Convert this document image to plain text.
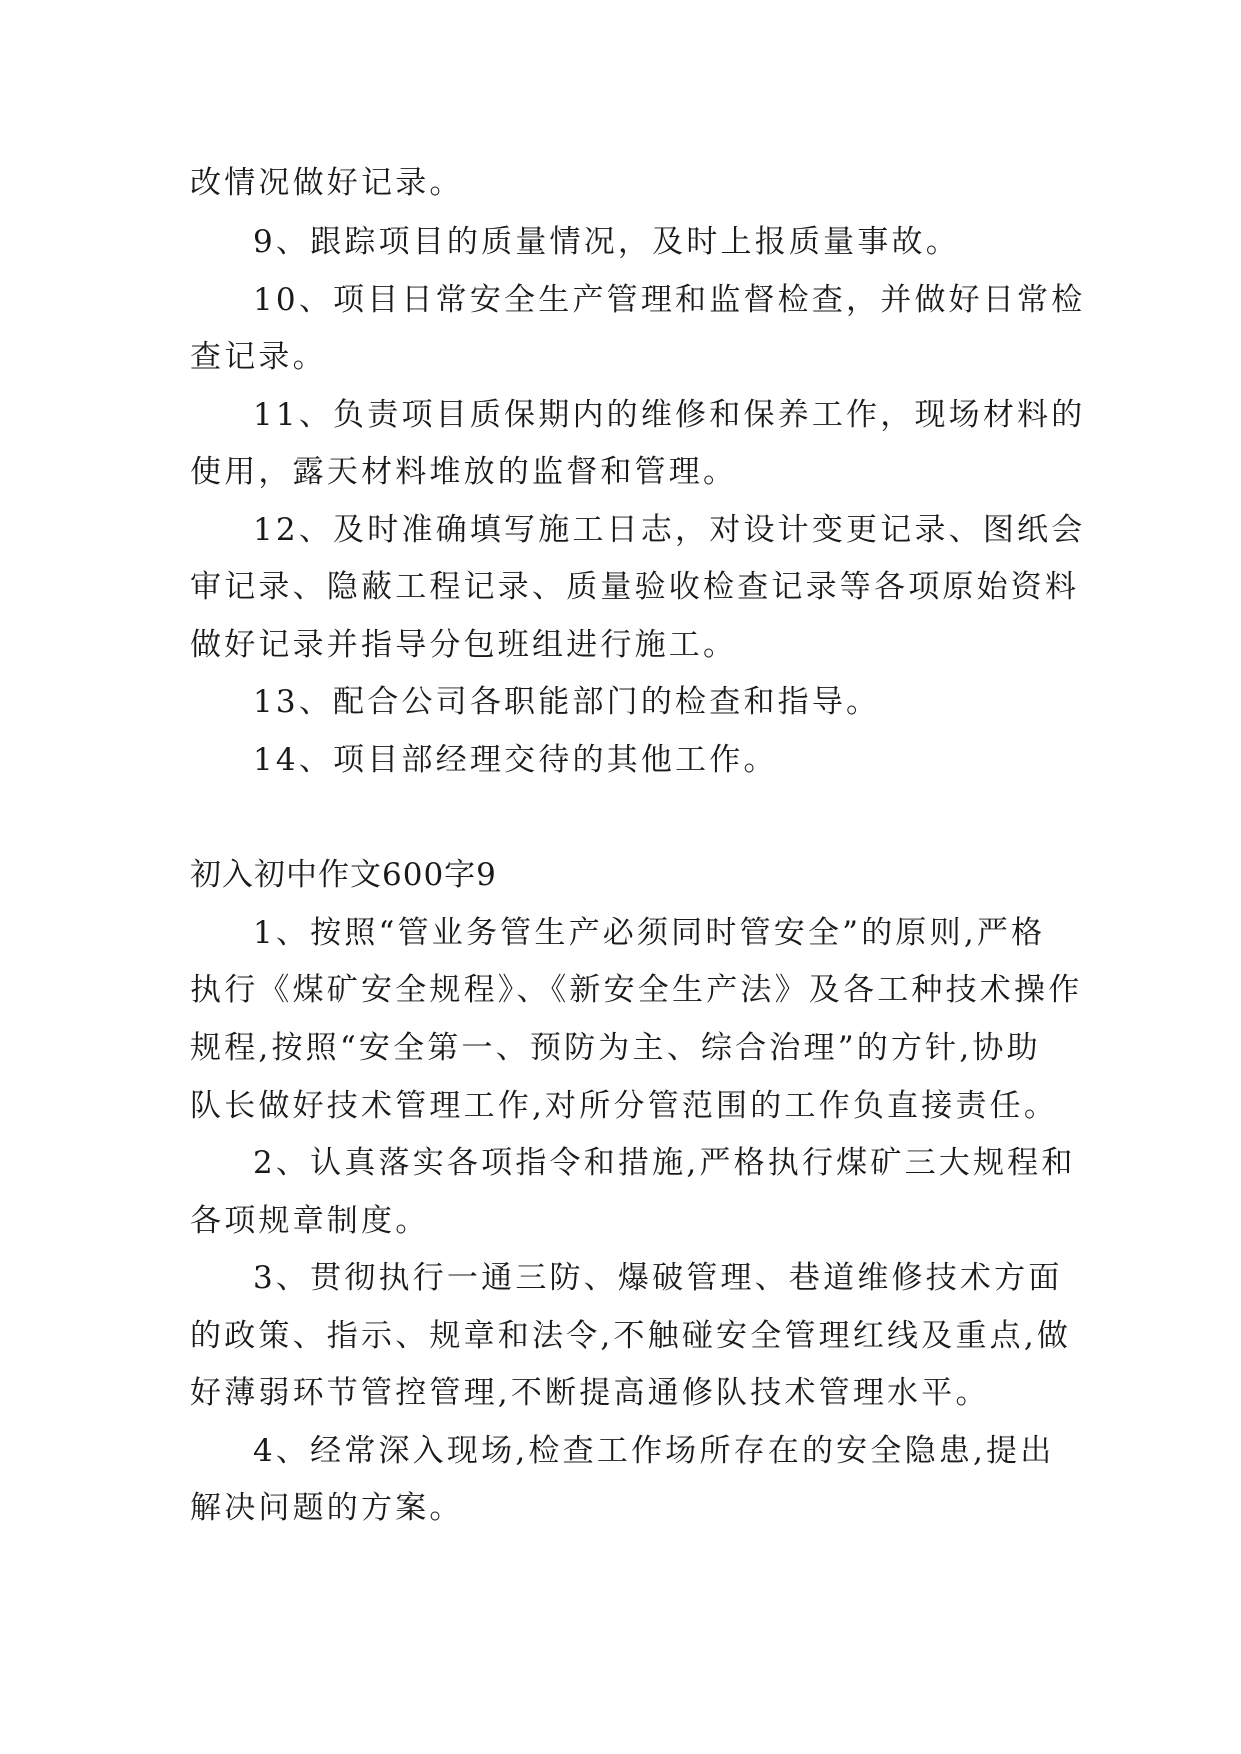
改情况做好记录。
9、跟踪项目的质量情况，及时上报质量事故。
10、项目日常安全生产管理和监督检查，并做好日常检
查记录。
11、负责项目质保期内的维修和保养工作，现场材料的
使用，露天材料堆放的监督和管理。
12、及时准确填写施工日志，对设计变更记录、图纸会
审记录、隐蔽工程记录、质量验收检查记录等各项原始资料
做好记录并指导分包班组进行施工。
13、配合公司各职能部门的检查和指导。
14、项目部经理交待的其他工作。
初入初中作文600字9
1、按照“管业务管生产必须同时管安全”的原则,严格
执行《煤矿安全规程》、《新安全生产法》及各工种技术操作
规程,按照“安全第一、预防为主、综合治理”的方针,协助
队长做好技术管理工作,对所分管范围的工作负直接责任。
2、认真落实各项指令和措施,严格执行煤矿三大规程和
各项规章制度。
3、贯彻执行一通三防、爆破管理、巷道维修技术方面
的政策、指示、规章和法令,不触碰安全管理红线及重点,做
好薄弱环节管控管理,不断提高通修队技术管理水平。
4、经常深入现场,检查工作场所存在的安全隐患,提出
解决问题的方案。
